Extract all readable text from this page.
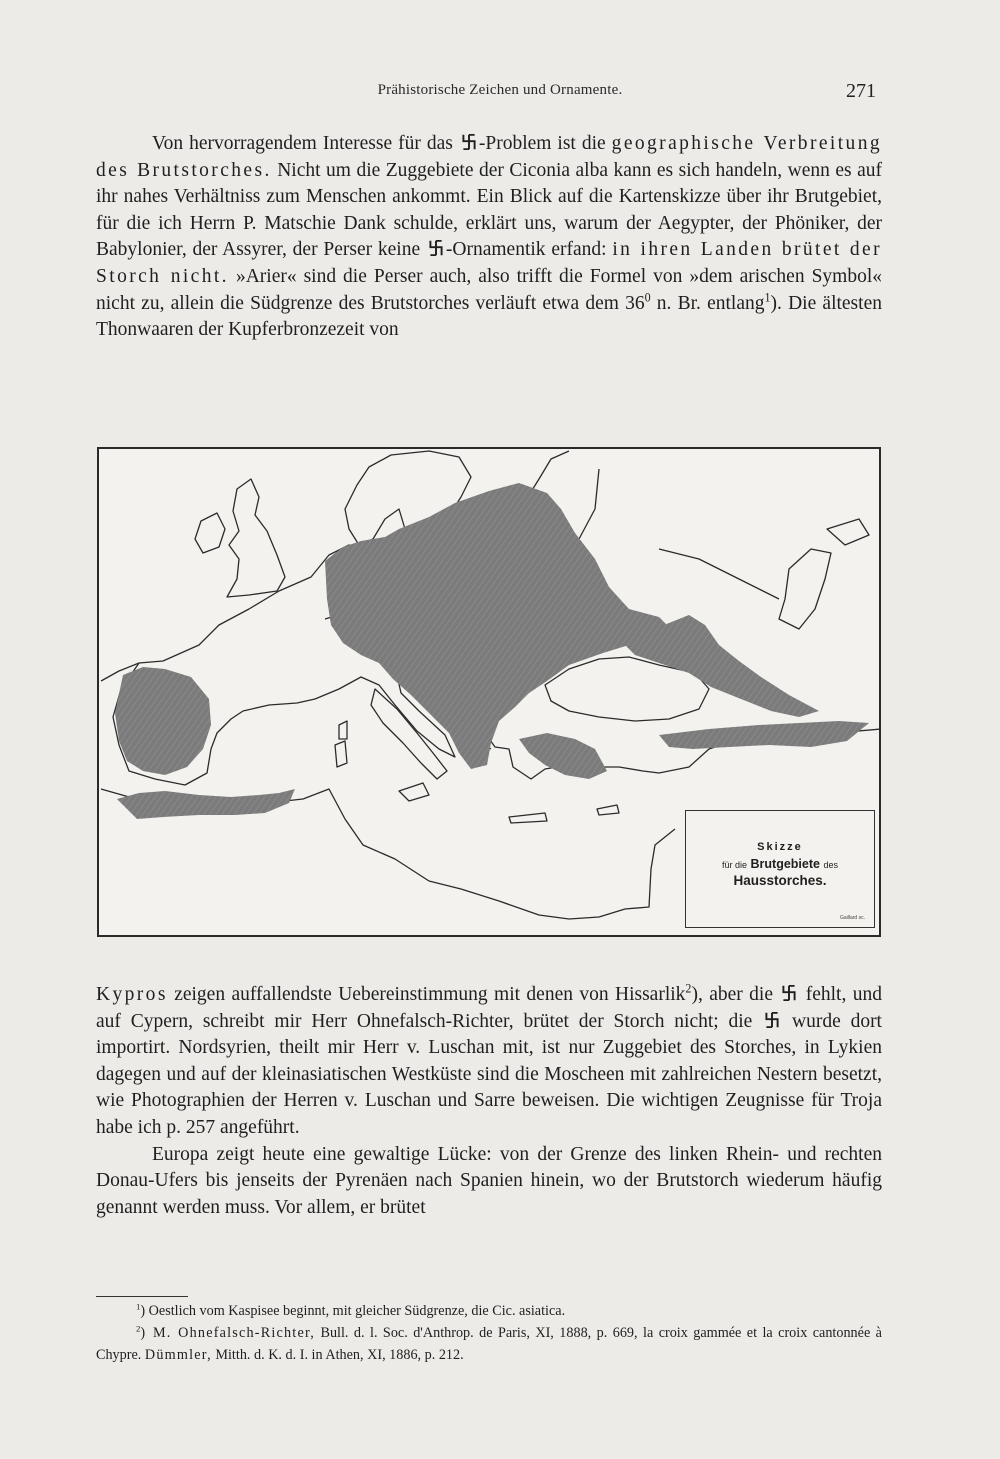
Prähistorische Zeichen und Ornamente.	271

Von hervorragendem Interesse für das -Problem ist die geographische Verbreitung des Brutstorches. Nicht um die Zuggebiete der Ciconia alba kann es sich handeln, wenn es auf ihr nahes Verhältniss zum Menschen ankommt. Ein Blick auf die Kartenskizze über ihr Brutgebiet, für die ich Herrn P. Matschie Dank schulde, erklärt uns, warum der Aegypter, der Phöniker, der Babylonier, der Assyrer, der Perser keine -Ornamentik erfand: in ihren Landen brütet der Storch nicht. »Arier« sind die Perser auch, also trifft die Formel von »dem arischen Symbol« nicht zu, allein die Südgrenze des Brutstorches verläuft etwa dem $36^0$ n. Br. entlang$^1$). Die ältesten Thonwaaren der Kupferbronzezeit von

Skizze
für die Brutgebiete des
Hausstorches.
Gaillard sc.

Kypros zeigen auffallendste Uebereinstimmung mit denen von Hissarlik$^2$), aber die  fehlt, und auf Cypern, schreibt mir Herr Ohnefalsch-Richter, brütet der Storch nicht; die  wurde dort importirt. Nordsyrien, theilt mir Herr v. Luschan mit, ist nur Zuggebiet des Storches, in Lykien dagegen und auf der kleinasiatischen Westküste sind die Moscheen mit zahlreichen Nestern besetzt, wie Photographien der Herren v. Luschan und Sarre beweisen. Die wichtigen Zeugnisse für Troja habe ich p. 257 angeführt.

Europa zeigt heute eine gewaltige Lücke: von der Grenze des linken Rhein- und rechten Donau-Ufers bis jenseits der Pyrenäen nach Spanien hinein, wo der Brutstorch wiederum häufig genannt werden muss. Vor allem, er brütet

$^1$) Oestlich vom Kaspisee beginnt, mit gleicher Südgrenze, die Cic. asiatica.

$^2$) M. Ohnefalsch-Richter, Bull. d. l. Soc. d'Anthrop. de Paris, XI, 1888, p. 669, la croix gammée et la croix cantonnée à Chypre. Dümmler, Mitth. d. K. d. I. in Athen, XI, 1886, p. 212.
